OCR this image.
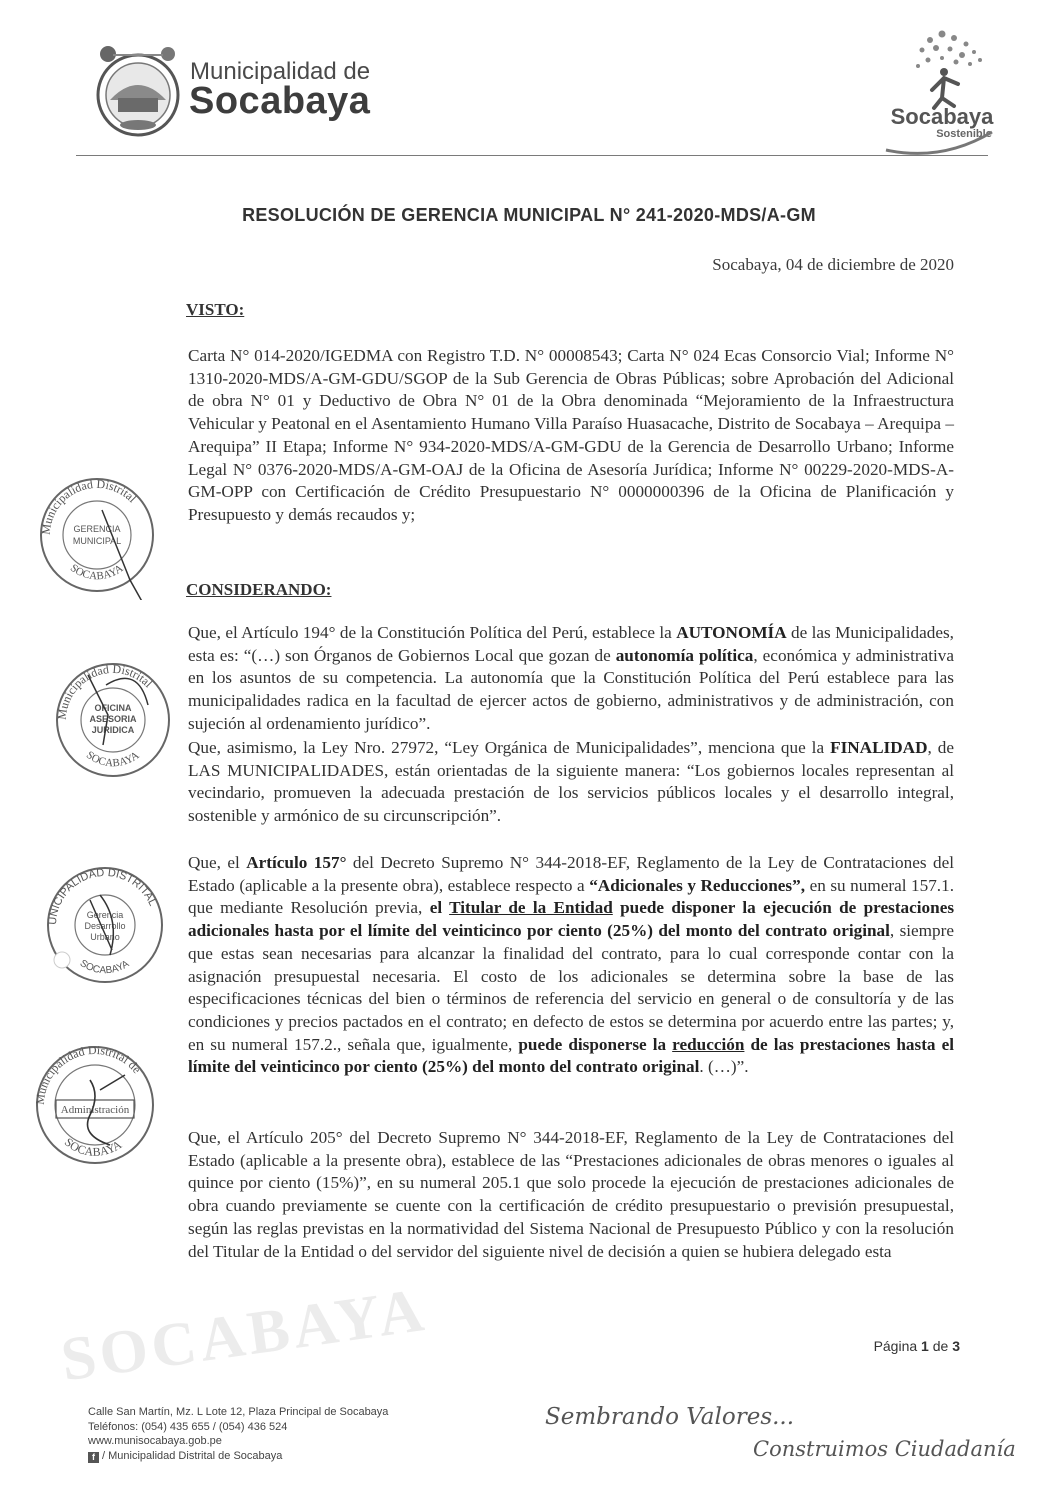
SOCABAYA
Municipalidad de
Socabaya	Socabaya
Sostenible
RESOLUCIÓN DE GERENCIA MUNICIPAL N° 241-2020-MDS/A-GM
Socabaya, 04 de diciembre de 2020
VISTO:
Carta N° 014-2020/IGEDMA con Registro T.D. N° 00008543; Carta N° 024 Ecas Consorcio Vial; Informe N° 1310-2020-MDS/A-GM-GDU/SGOP de la Sub Gerencia de Obras Públicas; sobre Aprobación del Adicional de obra N° 01 y Deductivo de Obra N° 01 de la Obra denominada “Mejoramiento de la Infraestructura Vehicular y Peatonal en el Asentamiento Humano Villa Paraíso Huasacache, Distrito de Socabaya – Arequipa – Arequipa” II Etapa; Informe N° 934-2020-MDS/A-GM-GDU de la Gerencia de Desarrollo Urbano; Informe Legal N° 0376-2020-MDS/A-GM-OAJ de la Oficina de Asesoría Jurídica; Informe N° 00229-2020-MDS-A-GM-OPP con Certificación de Crédito Presupuestario N° 0000000396 de la Oficina de Planificación y Presupuesto y demás recaudos y;
CONSIDERANDO:
Que, el Artículo 194° de la Constitución Política del Perú, establece la AUTONOMÍA de las Municipalidades, esta es: “(…) son Órganos de Gobiernos Local que gozan de autonomía política, económica y administrativa en los asuntos de su competencia. La autonomía que la Constitución Política del Perú establece para las municipalidades radica en la facultad de ejercer actos de gobierno, administrativos y de administración, con sujeción al ordenamiento jurídico”.
Que, asimismo, la Ley Nro. 27972, “Ley Orgánica de Municipalidades”, menciona que la FINALIDAD, de LAS MUNICIPALIDADES, están orientadas de la siguiente manera: “Los gobiernos locales representan al vecindario, promueven la adecuada prestación de los servicios públicos locales y el desarrollo integral, sostenible y armónico de su circunscripción”.
Que, el Artículo 157° del Decreto Supremo N° 344-2018-EF, Reglamento de la Ley de Contrataciones del Estado (aplicable a la presente obra), establece respecto a “Adicionales y Reducciones”, en su numeral 157.1. que mediante Resolución previa, el Titular de la Entidad puede disponer la ejecución de prestaciones adicionales hasta por el límite del veinticinco por ciento (25%) del monto del contrato original, siempre que estas sean necesarias para alcanzar la finalidad del contrato, para lo cual corresponde contar con la asignación presupuestal necesaria. El costo de los adicionales se determina sobre la base de las especificaciones técnicas del bien o términos de referencia del servicio en general o de consultoría y de las condiciones y precios pactados en el contrato; en defecto de estos se determina por acuerdo entre las partes; y, en su numeral 157.2., señala que, igualmente, puede disponerse la reducción de las prestaciones hasta el límite del veinticinco por ciento (25%) del monto del contrato original. (…)”.
Que, el Artículo 205° del Decreto Supremo N° 344-2018-EF, Reglamento de la Ley de Contrataciones del Estado (aplicable a la presente obra), establece de las “Prestaciones adicionales de obras menores o iguales al quince por ciento (15%)”, en su numeral 205.1 que solo procede la ejecución de prestaciones adicionales de obra cuando previamente se cuente con la certificación de crédito presupuestario o previsión presupuestal, según las reglas previstas en la normatividad del Sistema Nacional de Presupuesto Público y con la resolución del Titular de la Entidad o del servidor del siguiente nivel de decisión a quien se hubiera delegado esta
Municipalidad Distrital
GERENCIA
MUNICIPAL
SOCABAYA
Municipalidad Distrital
OFICINA
ASESORIA
JURIDICA
SOCABAYA
UNICIPALIDAD DISTRITAL
Gerencia
Desarrollo
Urbano
SOCABAYA
Municipalidad Distrital de
Administración
SOCABAYA
Página 1 de 3
Calle San Martín, Mz. L Lote 12, Plaza Principal de Socabaya
Teléfonos: (054) 435 655 / (054) 436 524
www.munisocabaya.gob.pe
f / Municipalidad Distrital de Socabaya
Sembrando Valores...
Construimos Ciudadanía
